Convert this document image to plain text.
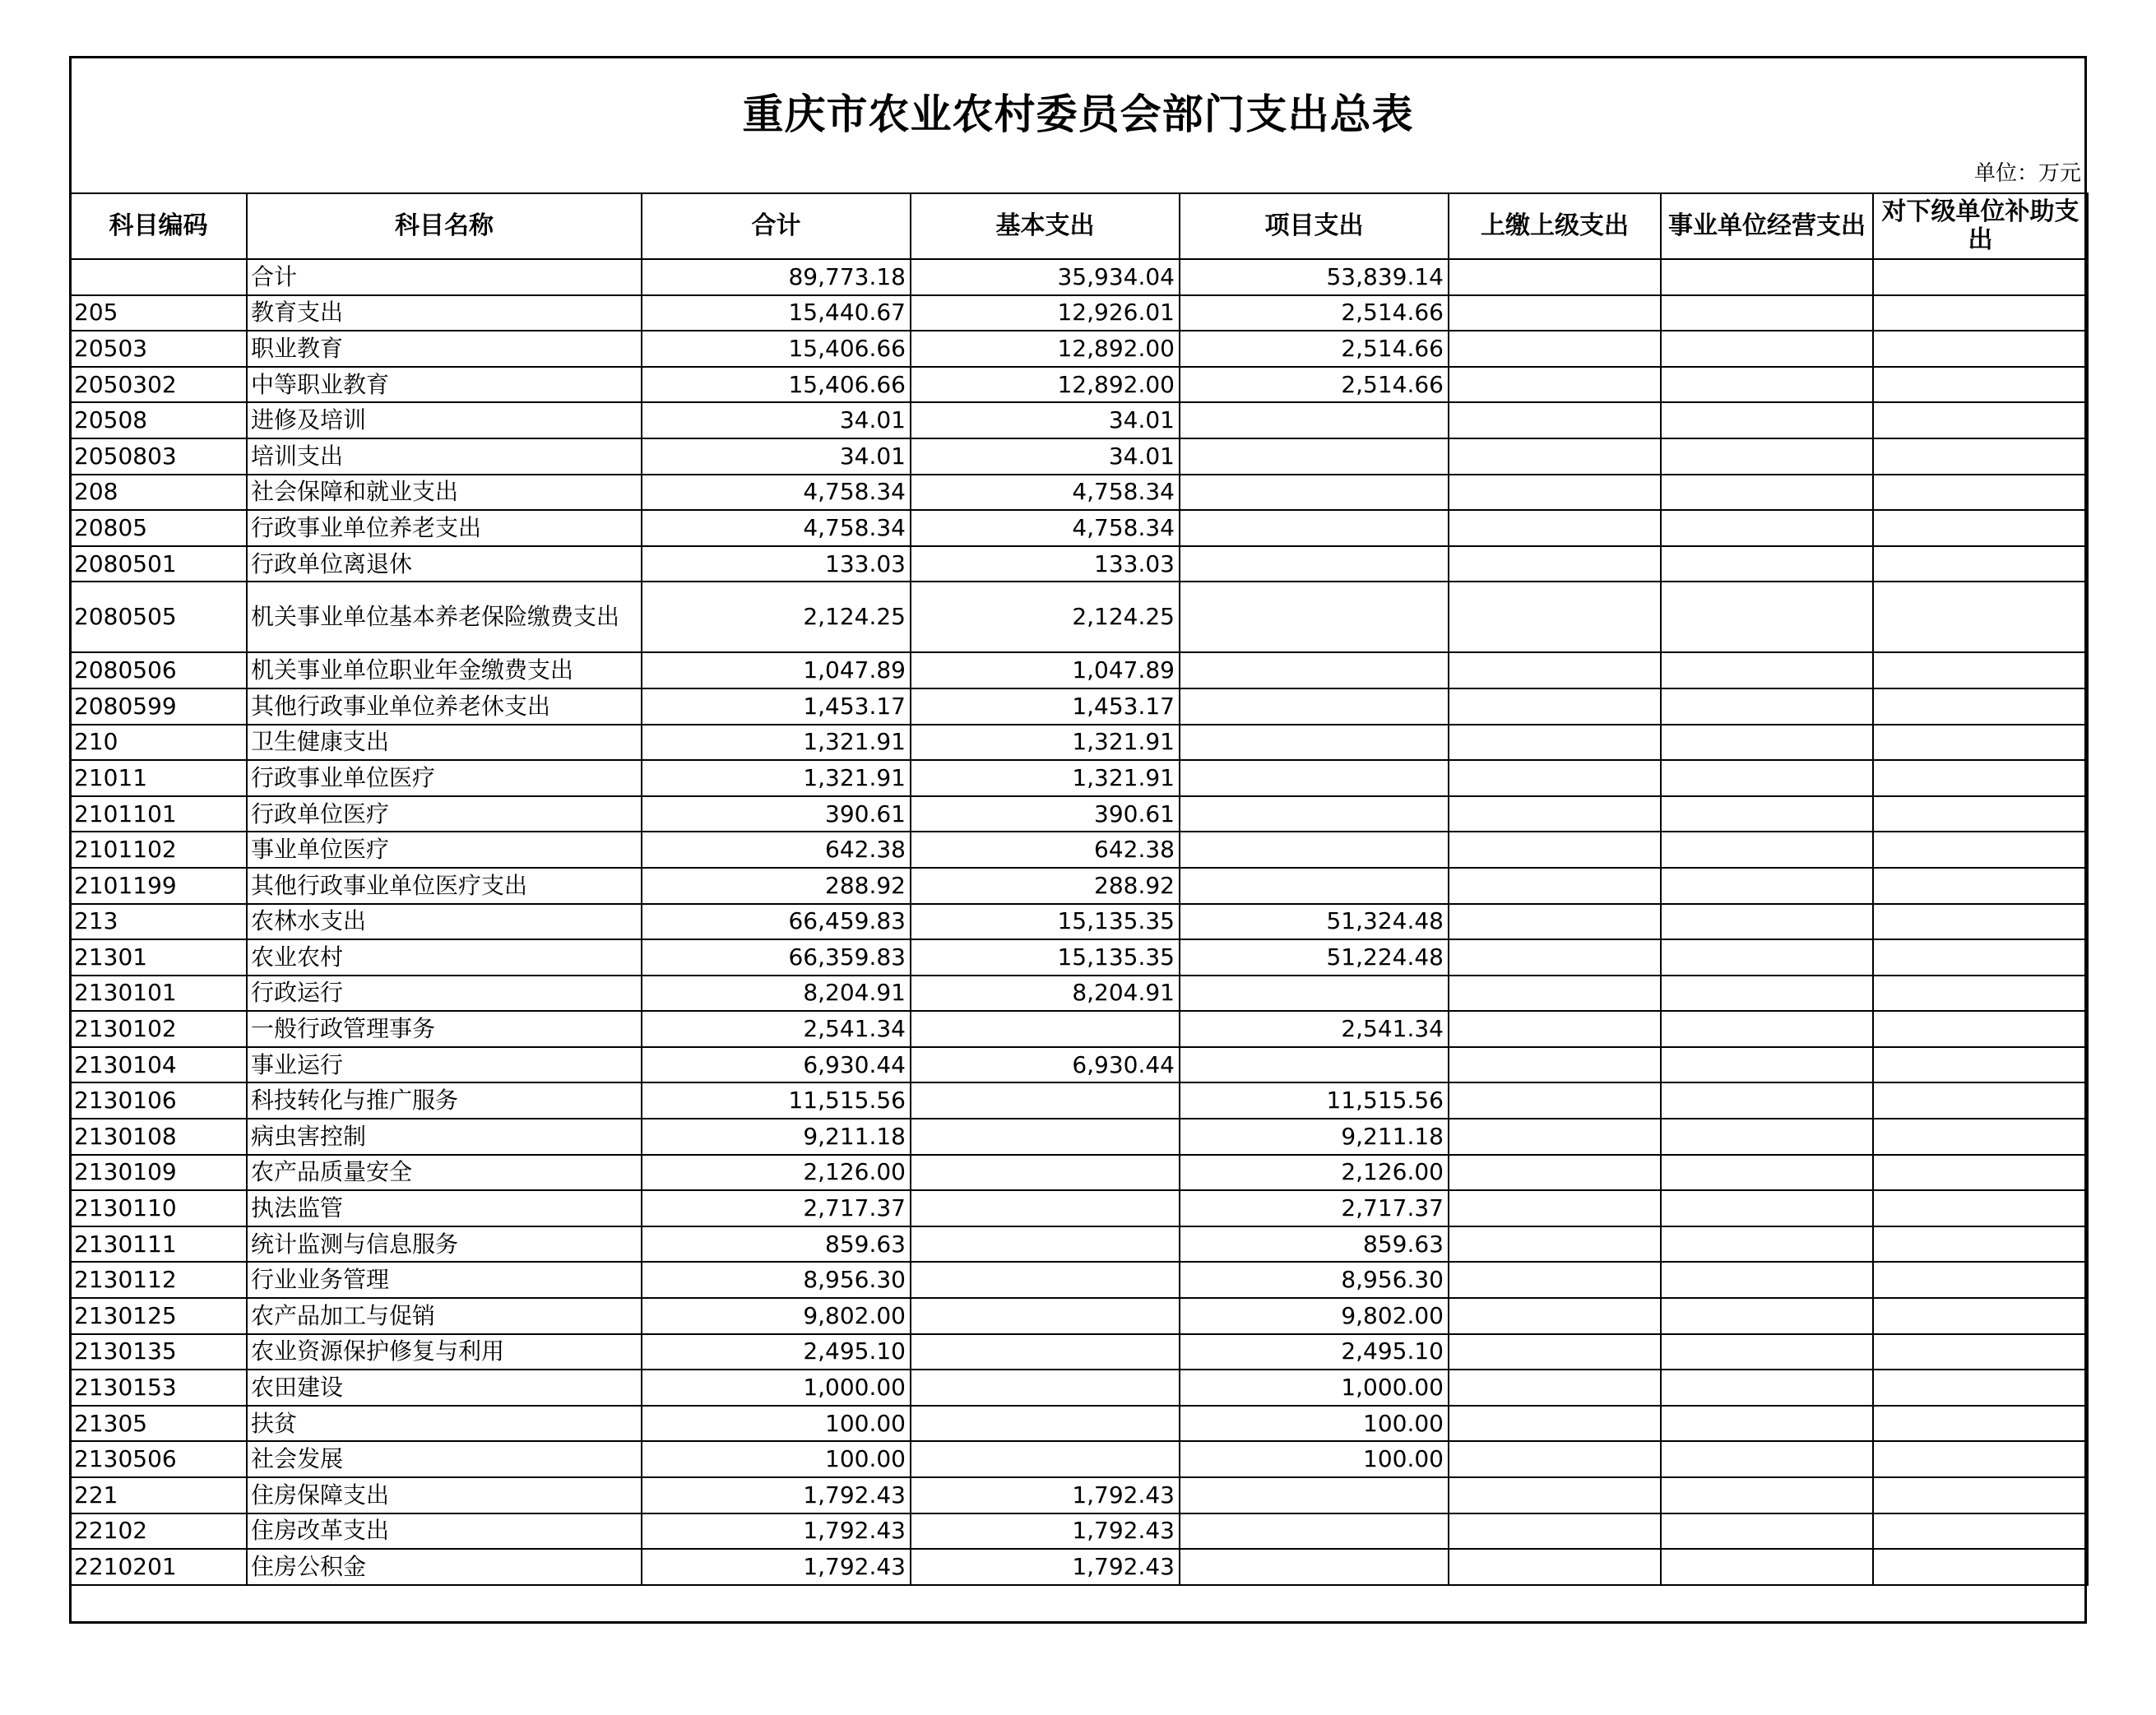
重庆市农业农村委员会部门支出总表
单位：万元
科目编码	科目名称	合计	基本支出	项目支出	上缴上级支出	事业单位经营支出	对下级单位补助支出
	合计	89,773.18	35,934.04	53,839.14			
205	教育支出	15,440.67	12,926.01	2,514.66			
20503	职业教育	15,406.66	12,892.00	2,514.66			
2050302	中等职业教育	15,406.66	12,892.00	2,514.66			
20508	进修及培训	34.01	34.01				
2050803	培训支出	34.01	34.01				
208	社会保障和就业支出	4,758.34	4,758.34				
20805	行政事业单位养老支出	4,758.34	4,758.34				
2080501	行政单位离退休	133.03	133.03				
2080505	机关事业单位基本养老保险缴费支出	2,124.25	2,124.25				
2080506	机关事业单位职业年金缴费支出	1,047.89	1,047.89				
2080599	其他行政事业单位养老休支出	1,453.17	1,453.17				
210	卫生健康支出	1,321.91	1,321.91				
21011	行政事业单位医疗	1,321.91	1,321.91				
2101101	行政单位医疗	390.61	390.61				
2101102	事业单位医疗	642.38	642.38				
2101199	其他行政事业单位医疗支出	288.92	288.92				
213	农林水支出	66,459.83	15,135.35	51,324.48			
21301	农业农村	66,359.83	15,135.35	51,224.48			
2130101	行政运行	8,204.91	8,204.91				
2130102	一般行政管理事务	2,541.34		2,541.34			
2130104	事业运行	6,930.44	6,930.44				
2130106	科技转化与推广服务	11,515.56		11,515.56			
2130108	病虫害控制	9,211.18		9,211.18			
2130109	农产品质量安全	2,126.00		2,126.00			
2130110	执法监管	2,717.37		2,717.37			
2130111	统计监测与信息服务	859.63		859.63			
2130112	行业业务管理	8,956.30		8,956.30			
2130125	农产品加工与促销	9,802.00		9,802.00			
2130135	农业资源保护修复与利用	2,495.10		2,495.10			
2130153	农田建设	1,000.00		1,000.00			
21305	扶贫	100.00		100.00			
2130506	社会发展	100.00		100.00			
221	住房保障支出	1,792.43	1,792.43				
22102	住房改革支出	1,792.43	1,792.43				
2210201	住房公积金	1,792.43	1,792.43				
